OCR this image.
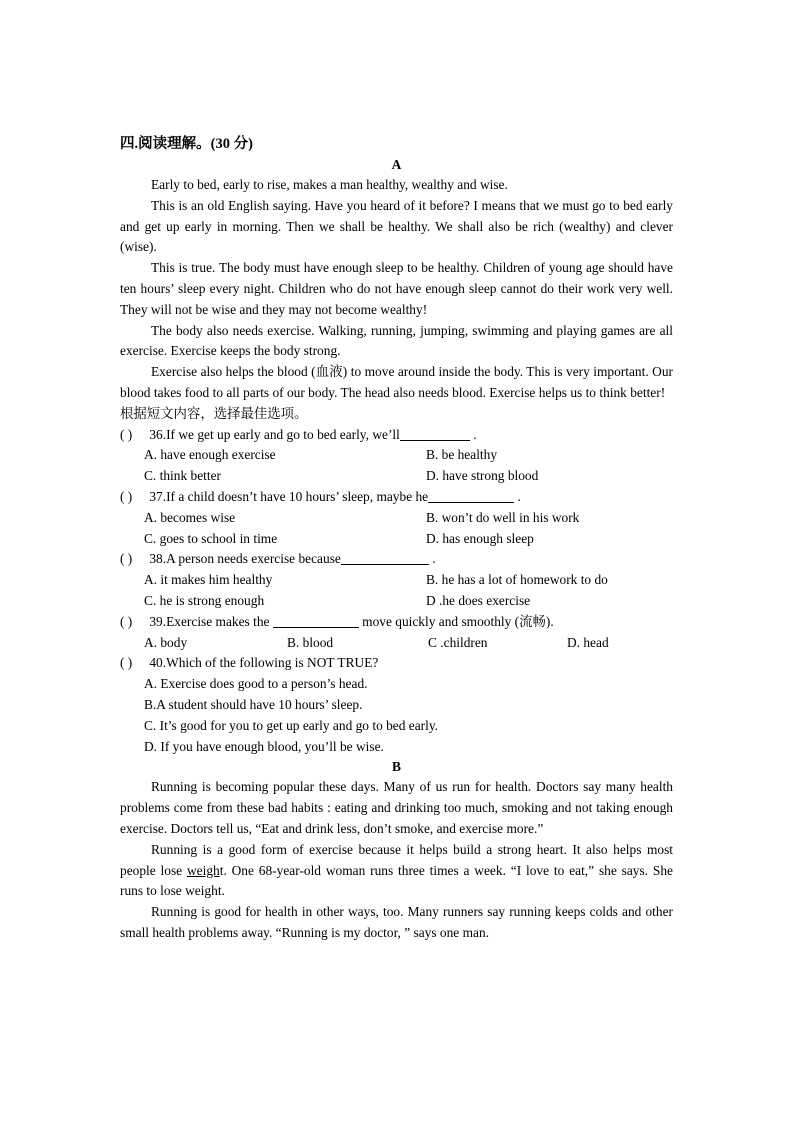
四.阅读理解。(30 分)
A

Early to bed, early to rise, makes a man healthy, wealthy and wise.

This is an old English saying. Have you heard of it before? I means that we must go to bed early and get up early in morning. Then we shall be healthy. We shall also be rich (wealthy) and clever (wise).

This is true. The body must have enough sleep to be healthy. Children of young age should have ten hours’ sleep every night. Children who do not have enough sleep cannot do their work very well. They will not be wise and they may not become wealthy!

The body also needs exercise. Walking, running, jumping, swimming and playing games are all exercise. Exercise keeps the body strong.

Exercise also helps the blood (血液) to move around inside the body. This is very important. Our blood takes food to all parts of our body. The head also needs blood. Exercise helps us to think better!

根据短文内容，选择最佳选项。
( ) 36.If we get up early and go to bed early, we’ll	.
A. have enough exercise	B. be healthy
C. think better	D. have strong blood
( ) 37.If a child doesn’t have 10 hours’ sleep, maybe he	.
A. becomes wise	B. won’t do well in his work
C. goes to school in time	D. has enough sleep
( ) 38.A person needs exercise because	.
A. it makes him healthy	B. he has a lot of homework to do
C. he is strong enough	D .he does exercise
( ) 39.Exercise makes the	move quickly and smoothly (流畅).
A. body	B. blood	C .children	D. head
( ) 40.Which of the following is NOT TRUE?
A. Exercise does good to a person’s head.
B.A student should have 10 hours’ sleep.
C. It’s good for you to get up early and go to bed early.
D. If you have enough blood, you’ll be wise.
B

Running is becoming popular these days. Many of us run for health. Doctors say many health problems come from these bad habits : eating and drinking too much, smoking and not taking enough exercise. Doctors tell us, “Eat and drink less, don’t smoke, and exercise more.”

Running is a good form of exercise because it helps build a strong heart. It also helps most people lose weight. One 68-year-old woman runs three times a week. “I love to eat,” she says. She runs to lose weight.

Running is good for health in other ways, too. Many runners say running keeps colds and other small health problems away. “Running is my doctor, ” says one man.
